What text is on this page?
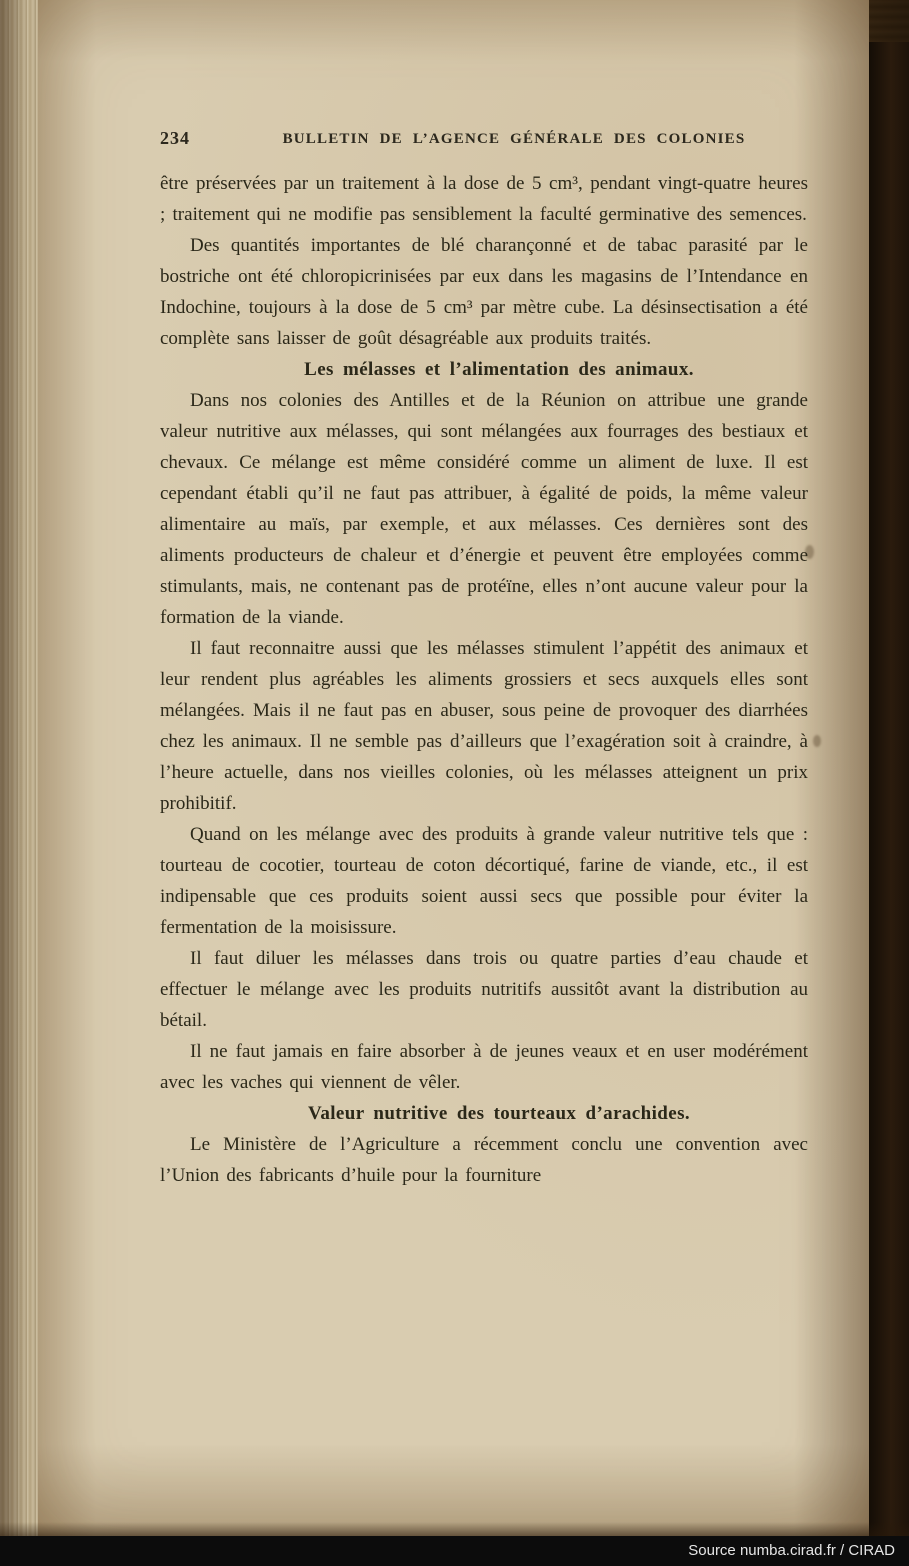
234	BULLETIN DE L’AGENCE GÉNÉRALE DES COLONIES

être préservées par un traitement à la dose de 5 cm³, pendant vingt-quatre heures ; traitement qui ne modifie pas sensiblement la faculté germinative des semences.

Des quantités importantes de blé charançonné et de tabac parasité par le bostriche ont été chloropicrinisées par eux dans les magasins de l’Intendance en Indochine, toujours à la dose de 5 cm³ par mètre cube. La désinsectisation a été complète sans laisser de goût désagréable aux produits traités.

Les mélasses et l’alimentation des animaux.

Dans nos colonies des Antilles et de la Réunion on attribue une grande valeur nutritive aux mélasses, qui sont mélangées aux fourrages des bestiaux et chevaux. Ce mélange est même considéré comme un aliment de luxe. Il est cependant établi qu’il ne faut pas attribuer, à égalité de poids, la même valeur alimentaire au maïs, par exemple, et aux mélasses. Ces dernières sont des aliments producteurs de chaleur et d’énergie et peuvent être employées comme stimulants, mais, ne contenant pas de protéïne, elles n’ont aucune valeur pour la formation de la viande.

Il faut reconnaitre aussi que les mélasses stimulent l’appétit des animaux et leur rendent plus agréables les aliments grossiers et secs auxquels elles sont mélangées. Mais il ne faut pas en abuser, sous peine de provoquer des diarrhées chez les animaux. Il ne semble pas d’ailleurs que l’exagération soit à craindre, à l’heure actuelle, dans nos vieilles colonies, où les mélasses atteignent un prix prohibitif.

Quand on les mélange avec des produits à grande valeur nutritive tels que : tourteau de cocotier, tourteau de coton décortiqué, farine de viande, etc., il est indipensable que ces produits soient aussi secs que possible pour éviter la fermentation de la moisissure.

Il faut diluer les mélasses dans trois ou quatre parties d’eau chaude et effectuer le mélange avec les produits nutritifs aussitôt avant la distribution au bétail.

Il ne faut jamais en faire absorber à de jeunes veaux et en user modérément avec les vaches qui viennent de vêler.

Valeur nutritive des tourteaux d’arachides.

Le Ministère de l’Agriculture a récemment conclu une convention avec l’Union des fabricants d’huile pour la fourniture

Source numba.cirad.fr / CIRAD
